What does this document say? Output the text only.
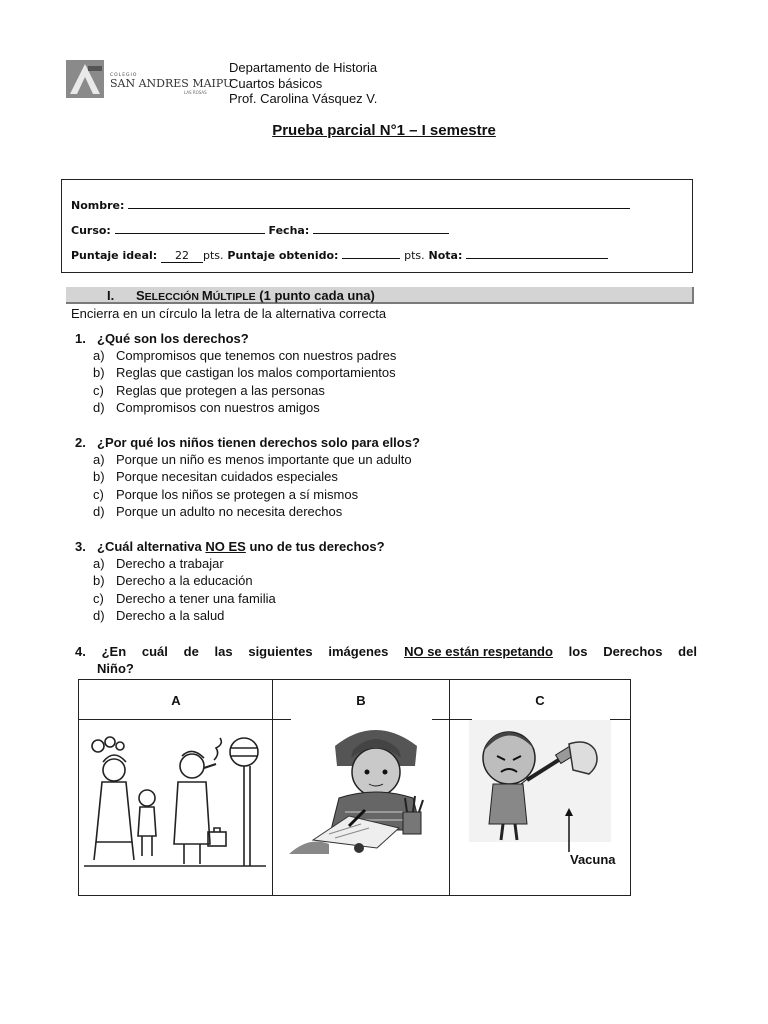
COLEGIO
SAN ANDRES MAIPU
LAS ROSAS
Departamento de Historia
Cuartos básicos
Prof. Carolina Vásquez V.
Prueba parcial N°1 – I semestre
Nombre:
Curso:	Fecha:
Puntaje ideal: 22 pts. Puntaje obtenido:	pts. Nota:
I. SELECCIÓN MÚLTIPLE (1 punto cada una)
Encierra en un círculo la letra de la alternativa correcta
1. ¿Qué son los derechos?
a) Compromisos que tenemos con nuestros padres
b) Reglas que castigan los malos comportamientos
c) Reglas que protegen a las personas
d) Compromisos con nuestros amigos
2. ¿Por qué los niños tienen derechos solo para ellos?
a) Porque un niño es menos importante que un adulto
b) Porque necesitan cuidados especiales
c) Porque los niños se protegen a sí mismos
d) Porque un adulto no necesita derechos
3. ¿Cuál alternativa NO ES uno de tus derechos?
a) Derecho a trabajar
b) Derecho a la educación
c) Derecho a tener una familia
d) Derecho a la salud
4. ¿En cuál de las siguientes imágenes NO se están respetando los Derechos del
Niño?
A	B	C
Vacuna
